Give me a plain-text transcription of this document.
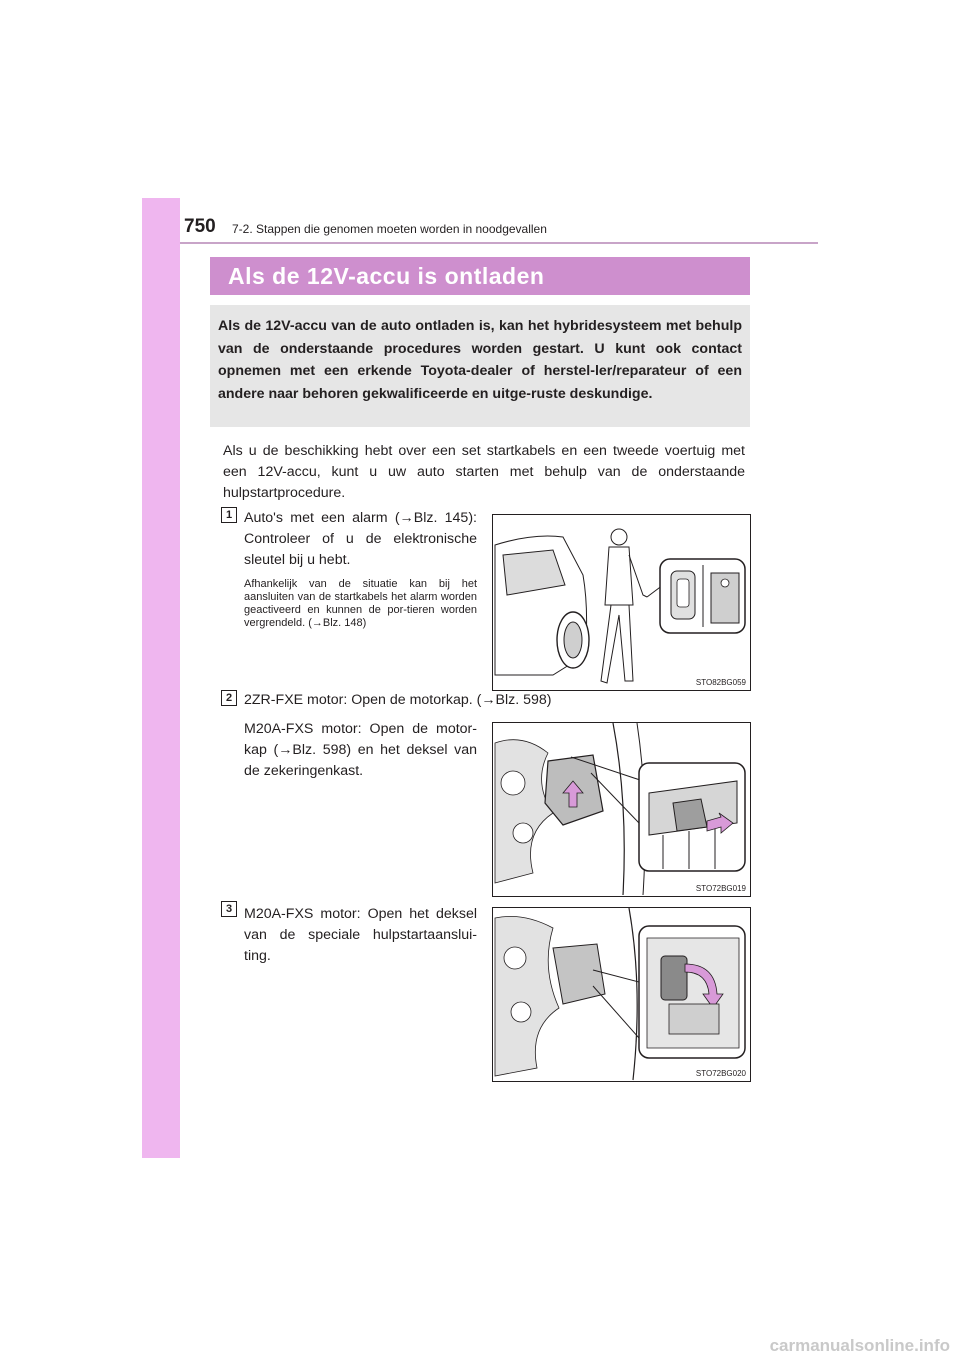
750 7-2. Stappen die genomen moeten worden in noodgevallen
Als de 12V-accu is ontladen
Als de 12V-accu van de auto ontladen is, kan het hybridesysteem met behulp van de onderstaande procedures worden gestart. U kunt ook contact opnemen met een erkende Toyota-dealer of herstel-ler/reparateur of een andere naar behoren gekwalificeerde en uitge-ruste deskundige.
Als u de beschikking hebt over een set startkabels en een tweede voertuig met een 12V-accu, kunt u uw auto starten met behulp van de onderstaande hulpstartprocedure.
1 Auto's met een alarm (→Blz. 145): Controleer of u de elektronische sleutel bij u hebt.
Afhankelijk van de situatie kan bij het aansluiten van de startkabels het alarm worden geactiveerd en kunnen de por-tieren worden vergrendeld. (→Blz. 148)
STO82BG059
2 2ZR-FXE motor: Open de motorkap. (→Blz. 598)
M20A-FXS motor: Open de motor-kap (→Blz. 598) en het deksel van de zekeringenkast.
STO72BG019
3 M20A-FXS motor: Open het deksel van de speciale hulpstartaanslui-ting.
STO72BG020
carmanualsonline.info
